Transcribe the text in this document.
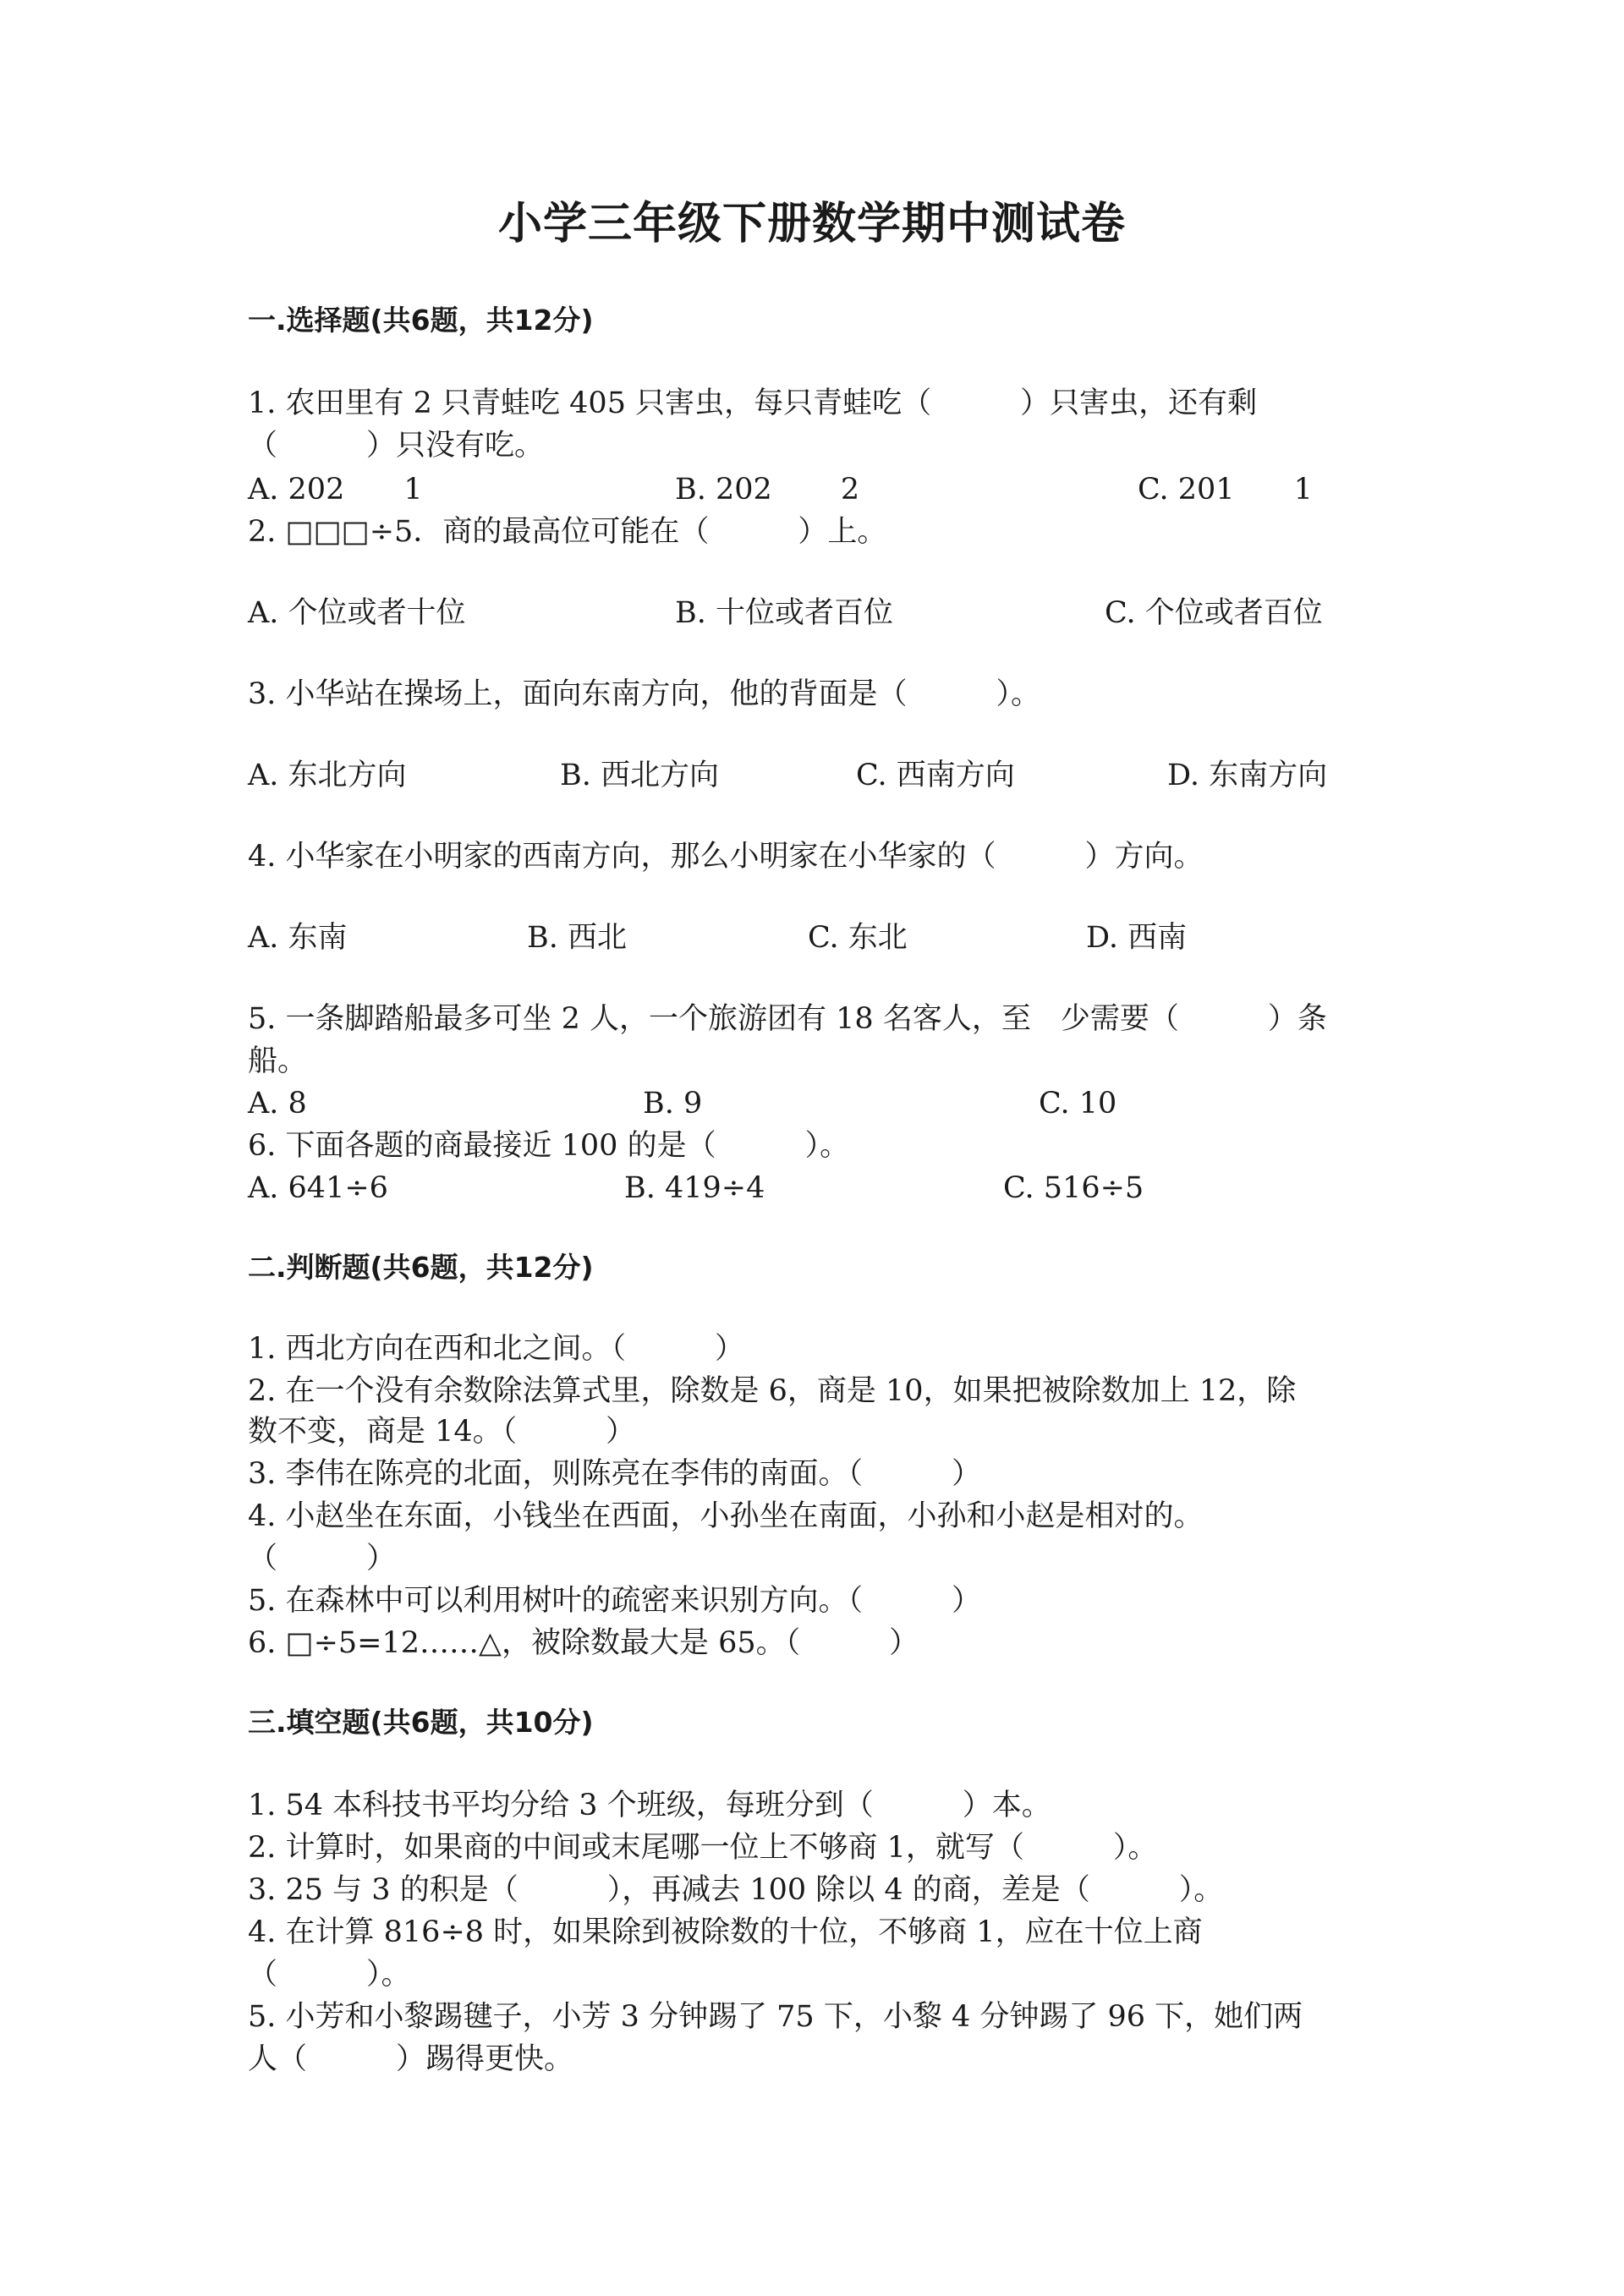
小学三年级下册数学期中测试卷
一.选择题(共6题，共12分)
1. 农田里有 2 只青蛙吃 405 只害虫，每只青蛙吃（　　　）只害虫，还有剩
（　　　）只没有吃。
A. 202　　1	B. 202　　 2	C. 201　　1
2. □□□÷5．商的最高位可能在（　　　）上。
A. 个位或者十位	B. 十位或者百位	C. 个位或者百位
3. 小华站在操场上，面向东南方向，他的背面是（　　　）。
A. 东北方向	B. 西北方向	C. 西南方向	D. 东南方向
4. 小华家在小明家的西南方向，那么小明家在小华家的（　　　）方向。
A. 东南	B. 西北	C. 东北	D. 西南
5. 一条脚踏船最多可坐 2 人，一个旅游团有 18 名客人，至　少需要（　　　）条
船。
A. 8	B. 9	C. 10
6. 下面各题的商最接近 100 的是（　　　）。
A. 641÷6	B. 419÷4	C. 516÷5
二.判断题(共6题，共12分)
1. 西北方向在西和北之间。（　　　）
2. 在一个没有余数除法算式里，除数是 6，商是 10，如果把被除数加上 12，除
数不变，商是 14。（　　　）
3. 李伟在陈亮的北面，则陈亮在李伟的南面。（　　　）
4. 小赵坐在东面，小钱坐在西面，小孙坐在南面，小孙和小赵是相对的。
（　　　）
5. 在森林中可以利用树叶的疏密来识别方向。（　　　）
6. □÷5=12……△，被除数最大是 65。（　　　）
三.填空题(共6题，共10分)
1. 54 本科技书平均分给 3 个班级，每班分到（　　　）本。
2. 计算时，如果商的中间或末尾哪一位上不够商 1，就写（　　　）。
3. 25 与 3 的积是（　　　），再减去 100 除以 4 的商，差是（　　　）。
4. 在计算 816÷8 时，如果除到被除数的十位，不够商 1，应在十位上商
（　　　）。
5. 小芳和小黎踢毽子，小芳 3 分钟踢了 75 下，小黎 4 分钟踢了 96 下，她们两
人（　　　）踢得更快。
